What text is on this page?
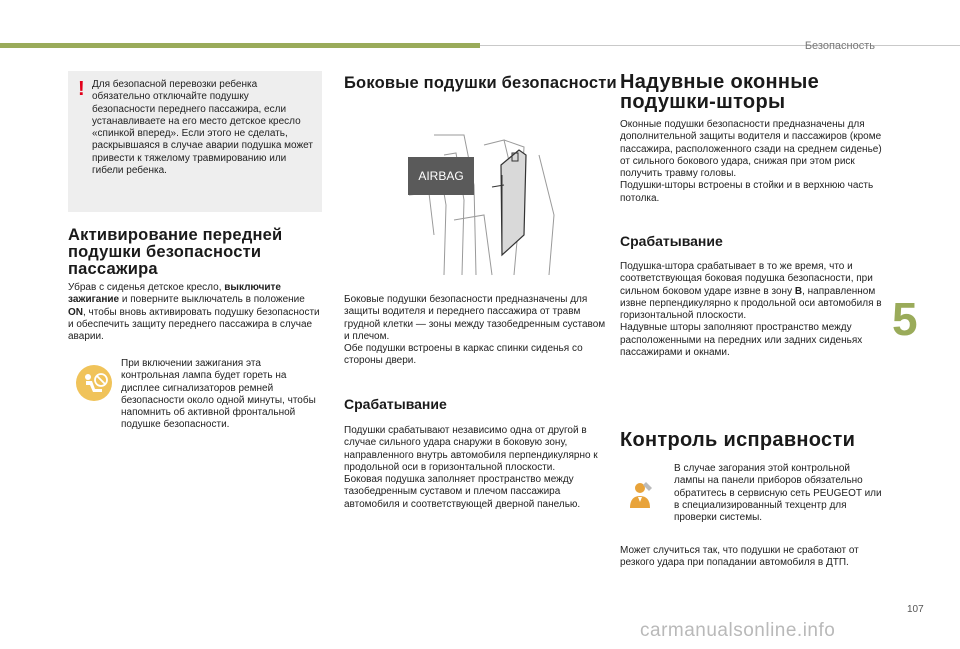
Безопасность
5
107
carmanualsonline.info
! Для безопасной перевозки ребенка обязательно отключайте подушку безопасности переднего пассажира, если устанавливаете на его место детское кресло «спинкой вперед». Если этого не сделать, раскрывшаяся в случае аварии подушка может привести к тяжелому травмированию или гибели ребенка.
Активирование передней подушки безопасности пассажира

Убрав с сиденья детское кресло, выключите зажигание и поверните выключатель в положение ON, чтобы вновь активировать подушку безопасности и обеспечить защиту переднего пассажира в случае аварии.

При включении зажигания эта контрольная лампа будет гореть на дисплее сигнализаторов ремней безопасности около одной минуты, чтобы напомнить об активной фронтальной подушке безопасности.

Боковые подушки безопасности
AIRBAG

Боковые подушки безопасности предназначены для защиты водителя и переднего пассажира от травм грудной клетки — зоны между тазобедренным суставом и плечом.
Обе подушки встроены в каркас спинки сиденья со стороны двери.

Срабатывание

Подушки срабатывают независимо одна от другой в случае сильного удара снаружи в боковую зону, направленного внутрь автомобиля перпендикулярно к продольной оси в горизонтальной плоскости.
Боковая подушка заполняет пространство между тазобедренным суставом и плечом пассажира автомобиля и соответствующей дверной панелью.

Надувные оконные подушки-шторы

Оконные подушки безопасности предназначены для дополнительной защиты водителя и пассажиров (кроме пассажира, расположенного сзади на среднем сиденье) от сильного бокового удара, снижая при этом риск получить травму головы.
Подушки-шторы встроены в стойки и в верхнюю часть потолка.

Срабатывание

Подушка-штора срабатывает в то же время, что и соответствующая боковая подушка безопасности, при сильном боковом ударе извне в зону B, направленном извне перпендикулярно к продольной оси автомобиля в горизонтальной плоскости.
Надувные шторы заполняют пространство между расположенными на передних или задних сиденьях пассажирами и окнами.

Контроль исправности

В случае загорания этой контрольной лампы на панели приборов обязательно обратитесь в сервисную сеть PEUGEOT или в специализированный техцентр для проверки системы.

Может случиться так, что подушки не сработают от резкого удара при попадании автомобиля в ДТП.
